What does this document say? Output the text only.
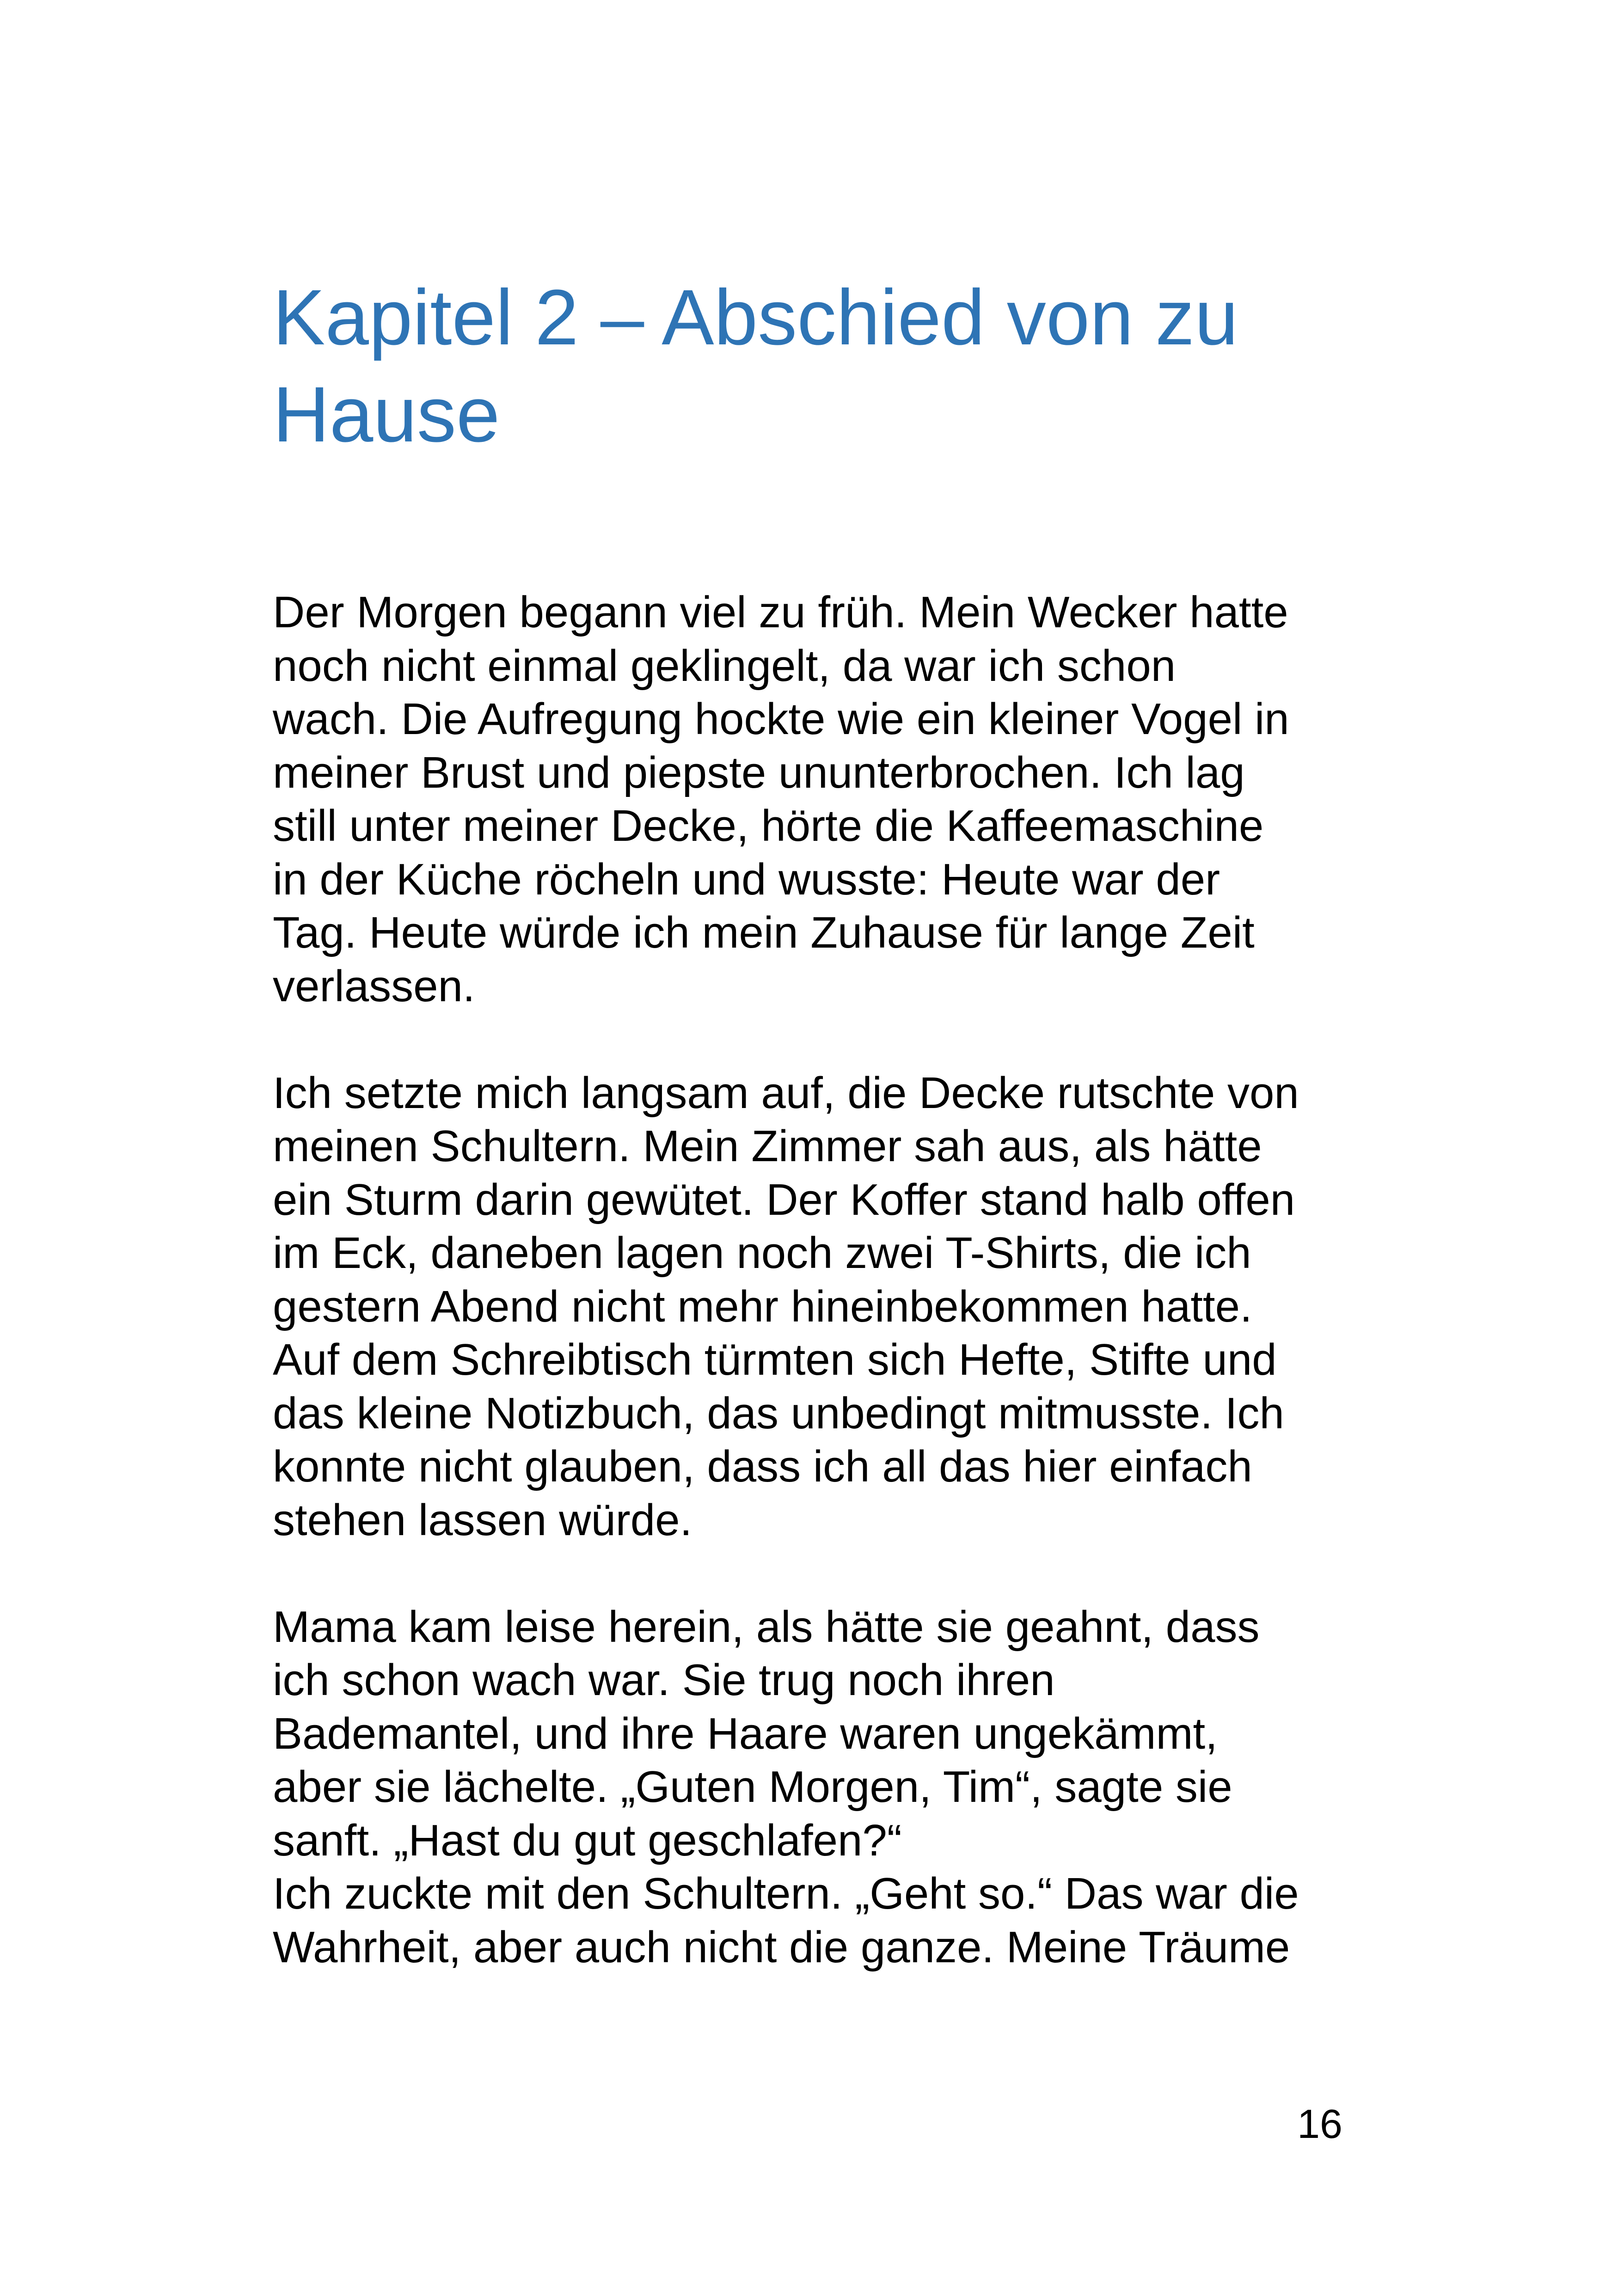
Kapitel 2 – Abschied von zu
Hause
Der Morgen begann viel zu früh. Mein Wecker hatte
noch nicht einmal geklingelt, da war ich schon
wach. Die Aufregung hockte wie ein kleiner Vogel in
meiner Brust und piepste ununterbrochen. Ich lag
still unter meiner Decke, hörte die Kaffeemaschine
in der Küche röcheln und wusste: Heute war der
Tag. Heute würde ich mein Zuhause für lange Zeit
verlassen.
Ich setzte mich langsam auf, die Decke rutschte von
meinen Schultern. Mein Zimmer sah aus, als hätte
ein Sturm darin gewütet. Der Koffer stand halb offen
im Eck, daneben lagen noch zwei T-Shirts, die ich
gestern Abend nicht mehr hineinbekommen hatte.
Auf dem Schreibtisch türmten sich Hefte, Stifte und
das kleine Notizbuch, das unbedingt mitmusste. Ich
konnte nicht glauben, dass ich all das hier einfach
stehen lassen würde.
Mama kam leise herein, als hätte sie geahnt, dass
ich schon wach war. Sie trug noch ihren
Bademantel, und ihre Haare waren ungekämmt,
aber sie lächelte. „Guten Morgen, Tim“, sagte sie
sanft. „Hast du gut geschlafen?“
Ich zuckte mit den Schultern. „Geht so.“ Das war die
Wahrheit, aber auch nicht die ganze. Meine Träume
16
